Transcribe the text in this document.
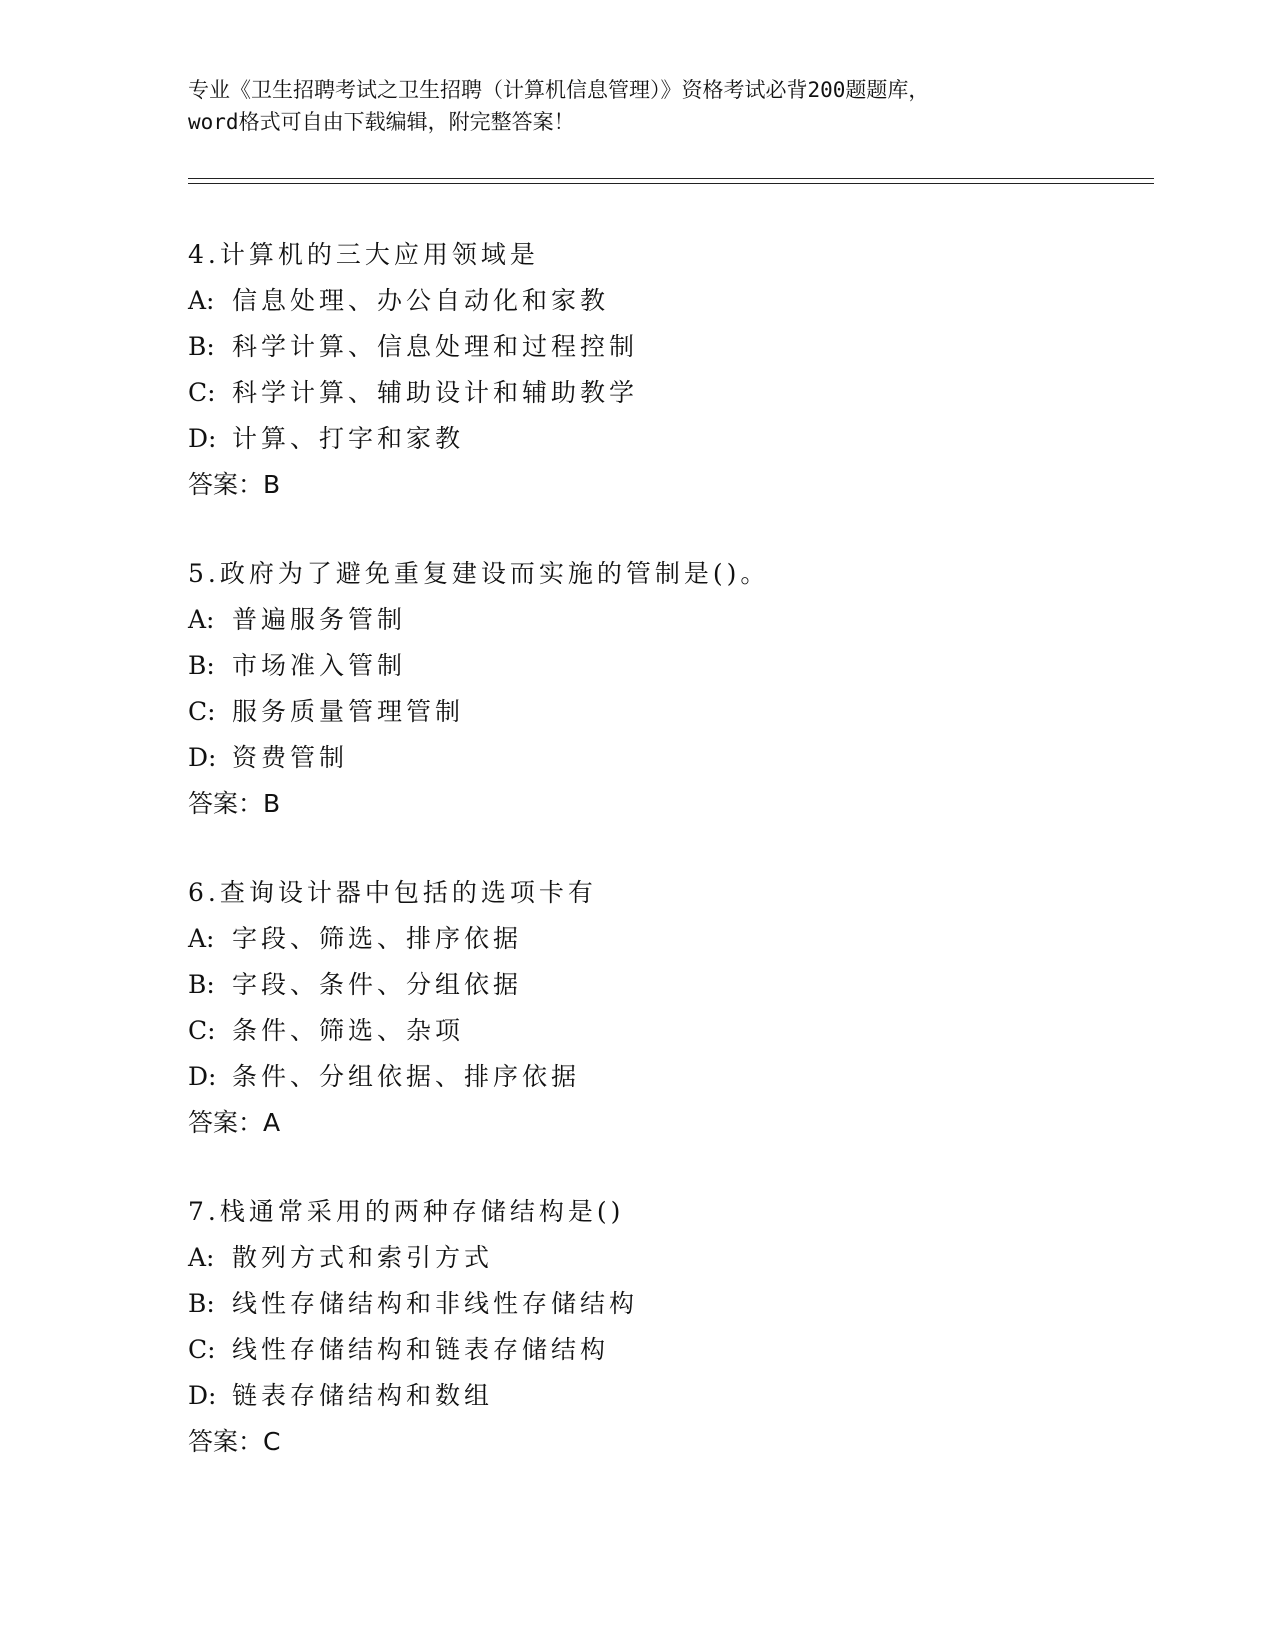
专业《卫生招聘考试之卫生招聘（计算机信息管理）》资格考试必背200题题库，
word格式可自由下载编辑，附完整答案！
4.计算机的三大应用领域是
A: 信息处理、办公自动化和家教
B: 科学计算、信息处理和过程控制
C: 科学计算、辅助设计和辅助教学
D: 计算、打字和家教
答案：B
5.政府为了避免重复建设而实施的管制是()。
A: 普遍服务管制
B: 市场准入管制
C: 服务质量管理管制
D: 资费管制
答案：B
6.查询设计器中包括的选项卡有
A: 字段、筛选、排序依据
B: 字段、条件、分组依据
C: 条件、筛选、杂项
D: 条件、分组依据、排序依据
答案：A
7.栈通常采用的两种存储结构是()
A: 散列方式和索引方式
B: 线性存储结构和非线性存储结构
C: 线性存储结构和链表存储结构
D: 链表存储结构和数组
答案：C
